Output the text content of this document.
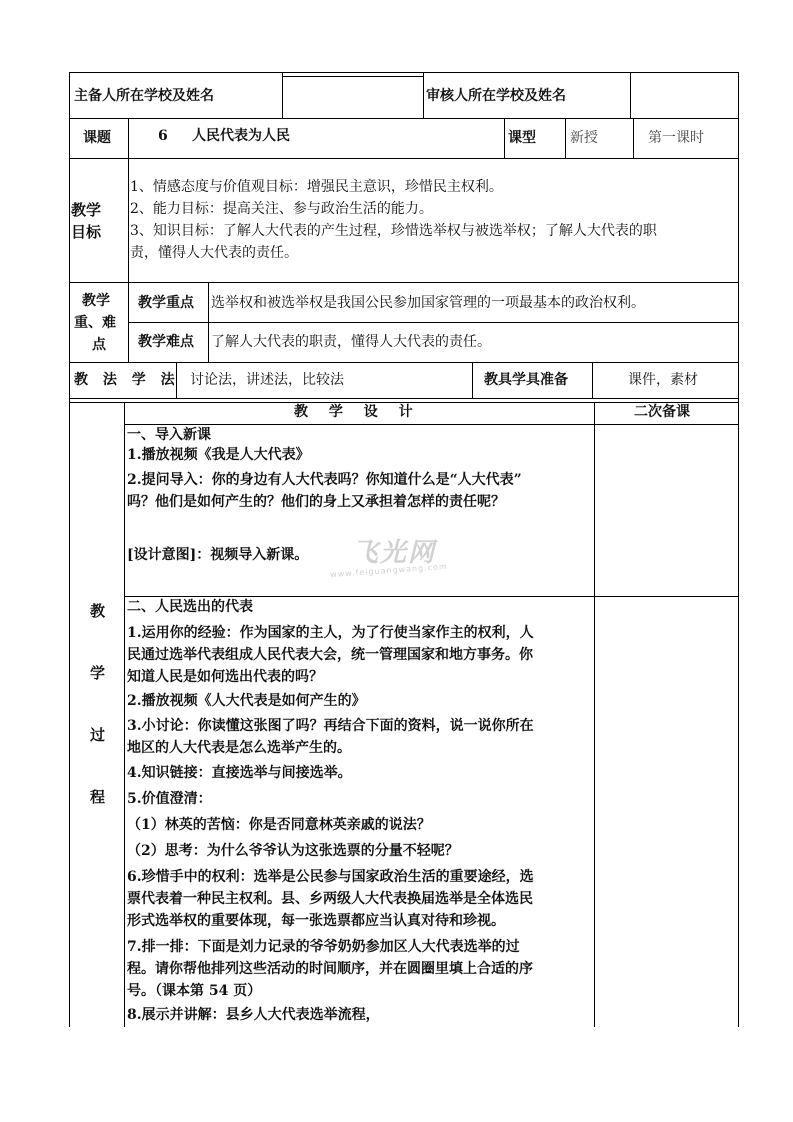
主备人所在学校及姓名	审核人所在学校及姓名
课题	6 人民代表为人民	课型 新授	第一课时
教学
目标
1、情感态度与价值观目标：增强民主意识，珍惜民主权利。
2、能力目标：提高关注、参与政治生活的能力。
3、知识目标：了解人大代表的产生过程，珍惜选举权与被选举权；了解人大代表的职
责，懂得人大代表的责任。
教学
重、难
点
教学重点 选举权和被选举权是我国公民参加国家管理的一项最基本的政治权利。
教学难点 了解人大代表的职责，懂得人大代表的责任。
教 法 学 法 讨论法，讲述法，比较法	教具学具准备	课件，素材
教 学 设 计	二次备课
教
学
过
程
一、导入新课
1.播放视频《我是人大代表》
2.提问导入：你的身边有人大代表吗？你知道什么是“人大代表”
吗？他们是如何产生的？他们的身上又承担着怎样的责任呢？
[设计意图]：视频导入新课。 飞光网
www.feiguangwang.com
二、人民选出的代表
1.运用你的经验：作为国家的主人，为了行使当家作主的权利，人
民通过选举代表组成人民代表大会，统一管理国家和地方事务。你
知道人民是如何选出代表的吗？
2.播放视频《人大代表是如何产生的》
3.小讨论：你读懂这张图了吗？再结合下面的资料，说一说你所在
地区的人大代表是怎么选举产生的。
4.知识链接：直接选举与间接选举。
5.价值澄清：
（1）林英的苦恼：你是否同意林英亲戚的说法？
（2）思考：为什么爷爷认为这张选票的分量不轻呢？
6.珍惜手中的权利：选举是公民参与国家政治生活的重要途经，选
票代表着一种民主权利。县、乡两级人大代表换届选举是全体选民
形式选举权的重要体现，每一张选票都应当认真对待和珍视。
7.排一排：下面是刘力记录的爷爷奶奶参加区人大代表选举的过
程。请你帮他排列这些活动的时间顺序，并在圆圈里填上合适的序
号。（课本第 54 页）
8.展示并讲解：县乡人大代表选举流程，
